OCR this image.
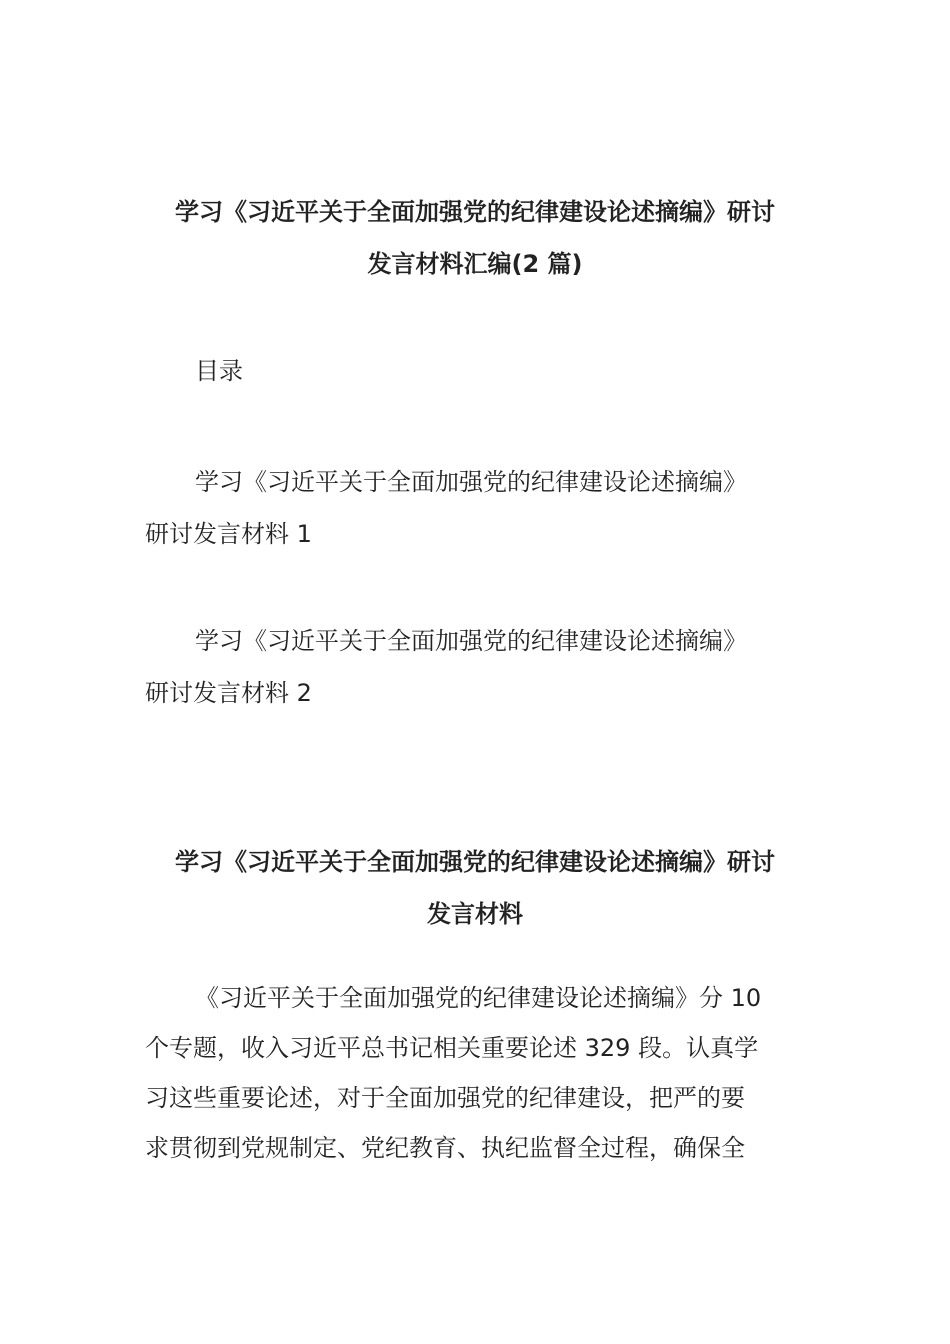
学习《习近平关于全面加强党的纪律建设论述摘编》研讨
发言材料汇编(2 篇)

目录

学习《习近平关于全面加强党的纪律建设论述摘编》
研讨发言材料 1

学习《习近平关于全面加强党的纪律建设论述摘编》
研讨发言材料 2

学习《习近平关于全面加强党的纪律建设论述摘编》研讨
发言材料

《习近平关于全面加强党的纪律建设论述摘编》分 10
个专题，收入习近平总书记相关重要论述 329 段。认真学
习这些重要论述，对于全面加强党的纪律建设，把严的要
求贯彻到党规制定、党纪教育、执纪监督全过程，确保全
